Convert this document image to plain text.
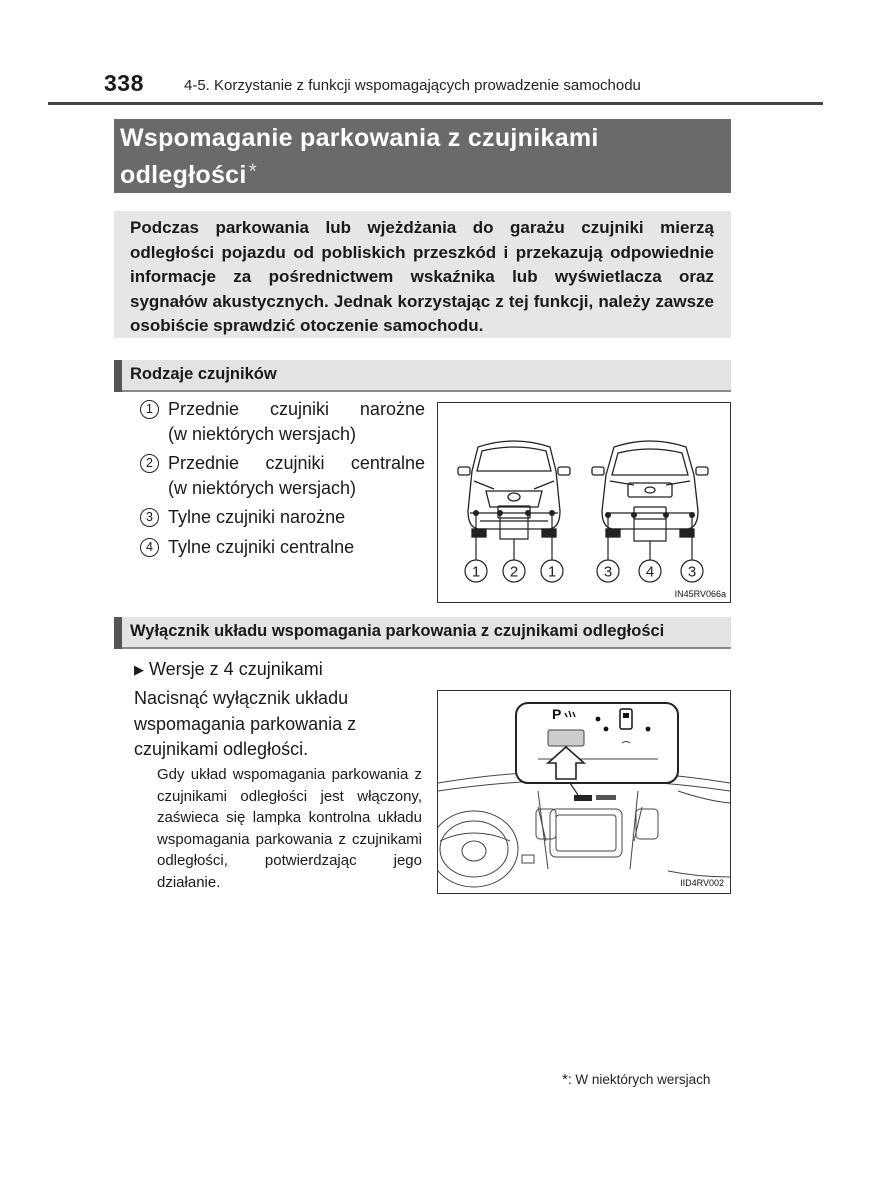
338	4-5. Korzystanie z funkcji wspomagających prowadzenie samochodu
Wspomaganie parkowania z czujnikami
odległości*
Podczas parkowania lub wjeżdżania do garażu czujniki mierzą odległości pojazdu od pobliskich przeszkód i przekazują odpowiednie informacje za pośrednictwem wskaźnika lub wyświetlacza oraz sygnałów akustycznych. Jednak korzystając z tej funkcji, należy zawsze osobiście sprawdzić otoczenie samochodu.
Rodzaje czujników
1 Przednie czujniki narożne
(w niektórych wersjach)
2 Przednie czujniki centralne
(w niektórych wersjach)
3 Tylne czujniki narożne
4 Tylne czujniki centralne
1 2 1	3 4 3
IN45RV066a
Wyłącznik układu wspomagania parkowania z czujnikami odległości
▶ Wersje z 4 czujnikami
Nacisnąć wyłącznik układu wspomagania parkowania z czujnikami odległości.
Gdy układ wspomagania parkowania z czujnikami odległości jest włączony, zaświeca się lampka kontrolna układu wspomagania parkowania z czujnikami odległości, potwierdzając jego działanie.
P
IID4RV002
*: W niektórych wersjach
